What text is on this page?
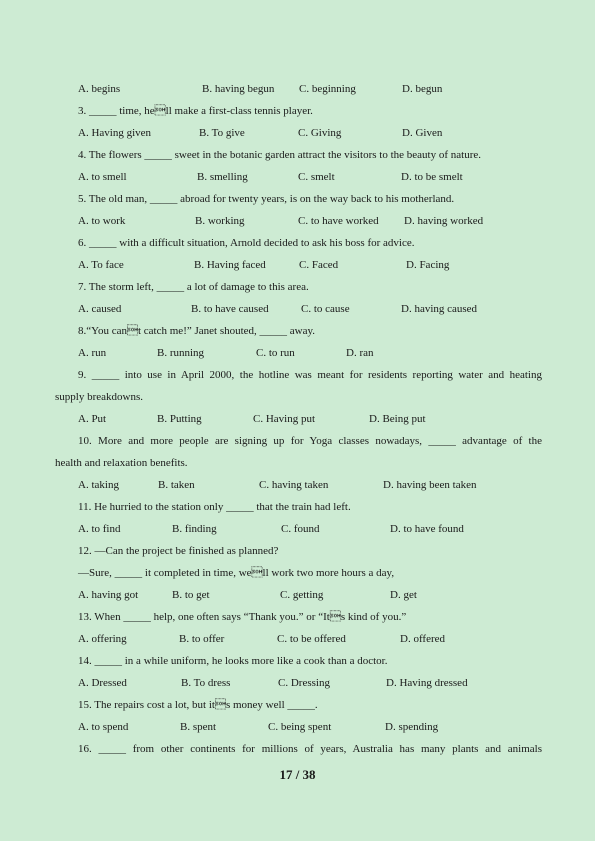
A. begins	B. having begun C. beginning	D. begun
3. _____ time, hell make a first-class tennis player.
A. Having given	B. To give	C. Giving	D. Given
4. The flowers _____ sweet in the botanic garden attract the visitors to the beauty of nature.
A. to smell	B. smelling	C. smelt	D. to be smelt
5. The old man, _____ abroad for twenty years, is on the way back to his motherland.
A. to work	B. working	C. to have worked D. having worked
6. _____ with a difficult situation, Arnold decided to ask his boss for advice.
A. To face	B. Having faced	C. Faced	D. Facing
7. The storm left, _____ a lot of damage to this area.
A. caused	B. to have caused	C. to cause	D. having caused
8.“You cant catch me!” Janet shouted, _____ away.
A. run	B. running	C. to run	D. ran
9. _____ into use in April 2000, the hotline was meant for residents reporting water and heating
supply breakdowns.
A. Put	B. Putting	C. Having put	D. Being put
10. More and more people are signing up for Yoga classes nowadays, _____ advantage of the
health and relaxation benefits.
A. taking	B. taken	C. having taken	D. having been taken
11. He hurried to the station only _____ that the train had left.
A. to find	B. finding	C. found	D. to have found
12. —Can the project be finished as planned?
—Sure, _____ it completed in time, well work two more hours a day,
A. having got	B. to get	C. getting	D. get
13. When _____ help, one often says “Thank you.” or “Its kind of you.”
A. offering	B. to offer	C. to be offered	D. offered
14. _____ in a while uniform, he looks more like a cook than a doctor.
A. Dressed	B. To dress	C. Dressing	D. Having dressed
15. The repairs cost a lot, but its money well _____.
A. to spend	B. spent	C. being spent	D. spending
16. _____ from other continents for millions of years, Australia has many plants and animals
17 / 38
